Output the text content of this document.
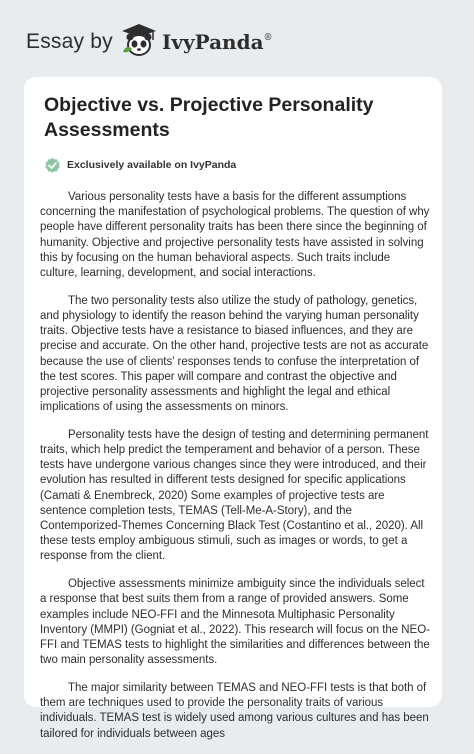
Essay by IvyPanda®
Objective vs. Projective Personality Assessments
Exclusively available on IvyPanda

Various personality tests have a basis for the different assumptions concerning the manifestation of psychological problems. The question of why people have different personality traits has been there since the beginning of humanity. Objective and projective personality tests have assisted in solving this by focusing on the human behavioral aspects. Such traits include culture, learning, development, and social interactions.

The two personality tests also utilize the study of pathology, genetics, and physiology to identify the reason behind the varying human personality traits. Objective tests have a resistance to biased influences, and they are precise and accurate. On the other hand, projective tests are not as accurate because the use of clients' responses tends to confuse the interpretation of the test scores. This paper will compare and contrast the objective and projective personality assessments and highlight the legal and ethical implications of using the assessments on minors.

Personality tests have the design of testing and determining permanent traits, which help predict the temperament and behavior of a person. These tests have undergone various changes since they were introduced, and their evolution has resulted in different tests designed for specific applications (Camati & Enembreck, 2020) Some examples of projective tests are sentence completion tests, TEMAS (Tell-Me-A-Story), and the Contemporized-Themes Concerning Black Test (Costantino et al., 2020). All these tests employ ambiguous stimuli, such as images or words, to get a response from the client.

Objective assessments minimize ambiguity since the individuals select a response that best suits them from a range of provided answers. Some examples include NEO-FFI and the Minnesota Multiphasic Personality Inventory (MMPI) (Gogniat et al., 2022). This research will focus on the NEO-FFI and TEMAS tests to highlight the similarities and differences between the two main personality assessments.

The major similarity between TEMAS and NEO-FFI tests is that both of them are techniques used to provide the personality traits of various individuals. TEMAS test is widely used among various cultures and has been tailored for individuals between ages
